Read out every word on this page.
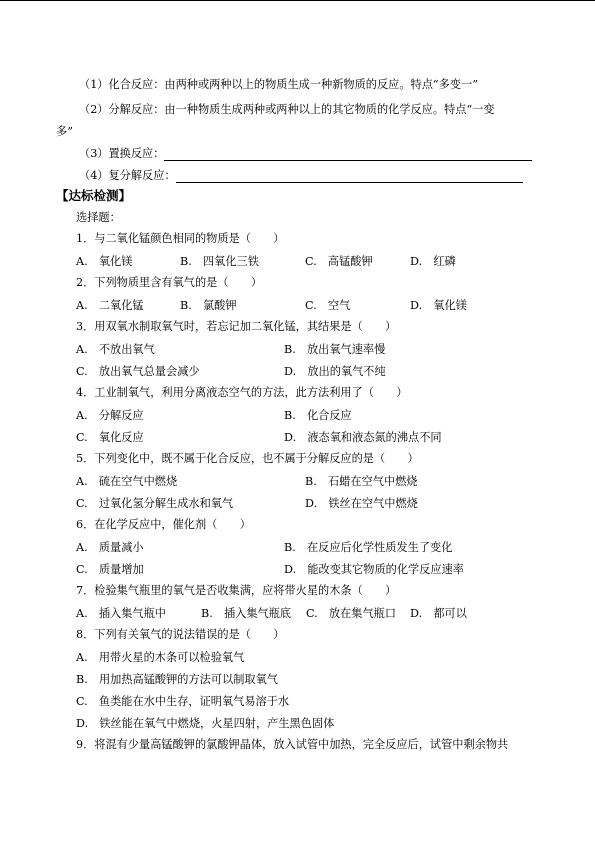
（1）化合反应：由两种或两种以上的物质生成一种新物质的反应。特点“多变一”
（2）分解反应：由一种物质生成两种或两种以上的其它物质的化学反应。特点“一变
多”
（3）置换反应：
（4）复分解反应：
【达标检测】
选择题：
1．与二氧化锰颜色相同的物质是（　　）
A.　氧化镁	B.　四氧化三铁	C.　高锰酸钾	D.　红磷
2．下列物质里含有氧气的是（　　）
A.　二氧化锰	B.　氯酸钾	C.　空气	D.　氧化镁
3．用双氧水制取氧气时，若忘记加二氧化锰，其结果是（　　）
A.　不放出氧气	B.　放出氧气速率慢
C.　放出氧气总量会减少	D.　放出的氧气不纯
4．工业制氧气，利用分离液态空气的方法，此方法利用了（　　）
A.　分解反应	B.　化合反应
C.　氧化反应	D.　液态氧和液态氮的沸点不同
5．下列变化中，既不属于化合反应，也不属于分解反应的是（　　）
A.　硫在空气中燃烧	B.　石蜡在空气中燃烧
C.　过氧化氢分解生成水和氧气	D.　铁丝在空气中燃烧
6．在化学反应中，催化剂（　　）
A.　质量减小	B.　在反应后化学性质发生了变化
C.　质量增加	D.　能改变其它物质的化学反应速率
7．检验集气瓶里的氧气是否收集满，应将带火星的木条（　　）
A.　插入集气瓶中	B.　插入集气瓶底 C.　放在集气瓶口 D.　都可以
8．下列有关氧气的说法错误的是（　　）
A.　用带火星的木条可以检验氧气
B.　用加热高锰酸钾的方法可以制取氧气
C.　鱼类能在水中生存，证明氧气易溶于水
D.　铁丝能在氧气中燃烧，火星四射，产生黑色固体
9．将混有少量高锰酸钾的氯酸钾晶体，放入试管中加热，完全反应后，试管中剩余物共
